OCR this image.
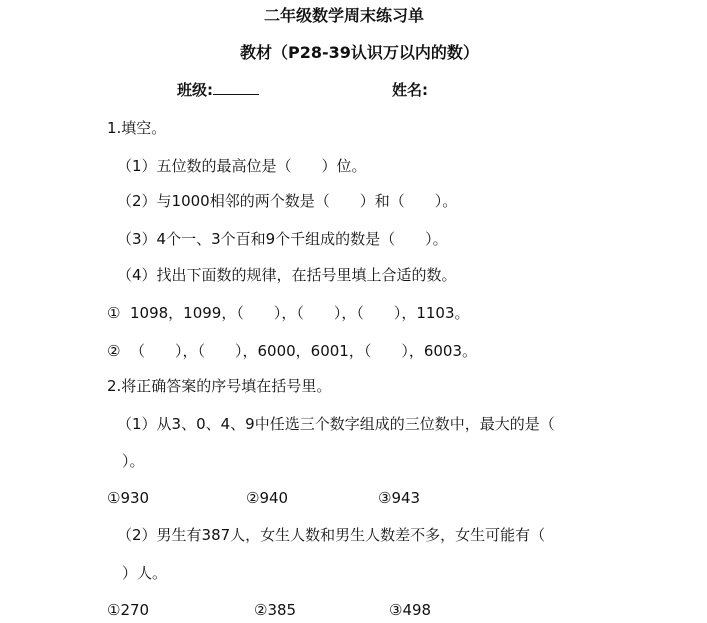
二年级数学周末练习单
教材（P28-39认识万以内的数）
班级:	姓名:
1.填空。
（1）五位数的最高位是（　　）位。
（2）与1000相邻的两个数是（　　）和（　　）。
（3）4个一、3个百和9个千组成的数是（　　）。
（4）找出下面数的规律，在括号里填上合适的数。
①  1098，1099，（　　），（　　），（　　），1103。
②  （　　），（　　），6000，6001，（　　），6003。
2.将正确答案的序号填在括号里。
（1）从3、0、4、9中任选三个数字组成的三位数中，最大的是（
）。
①930	②940	③943
（2）男生有387人，女生人数和男生人数差不多，女生可能有（
）人。
①270	②385	③498
